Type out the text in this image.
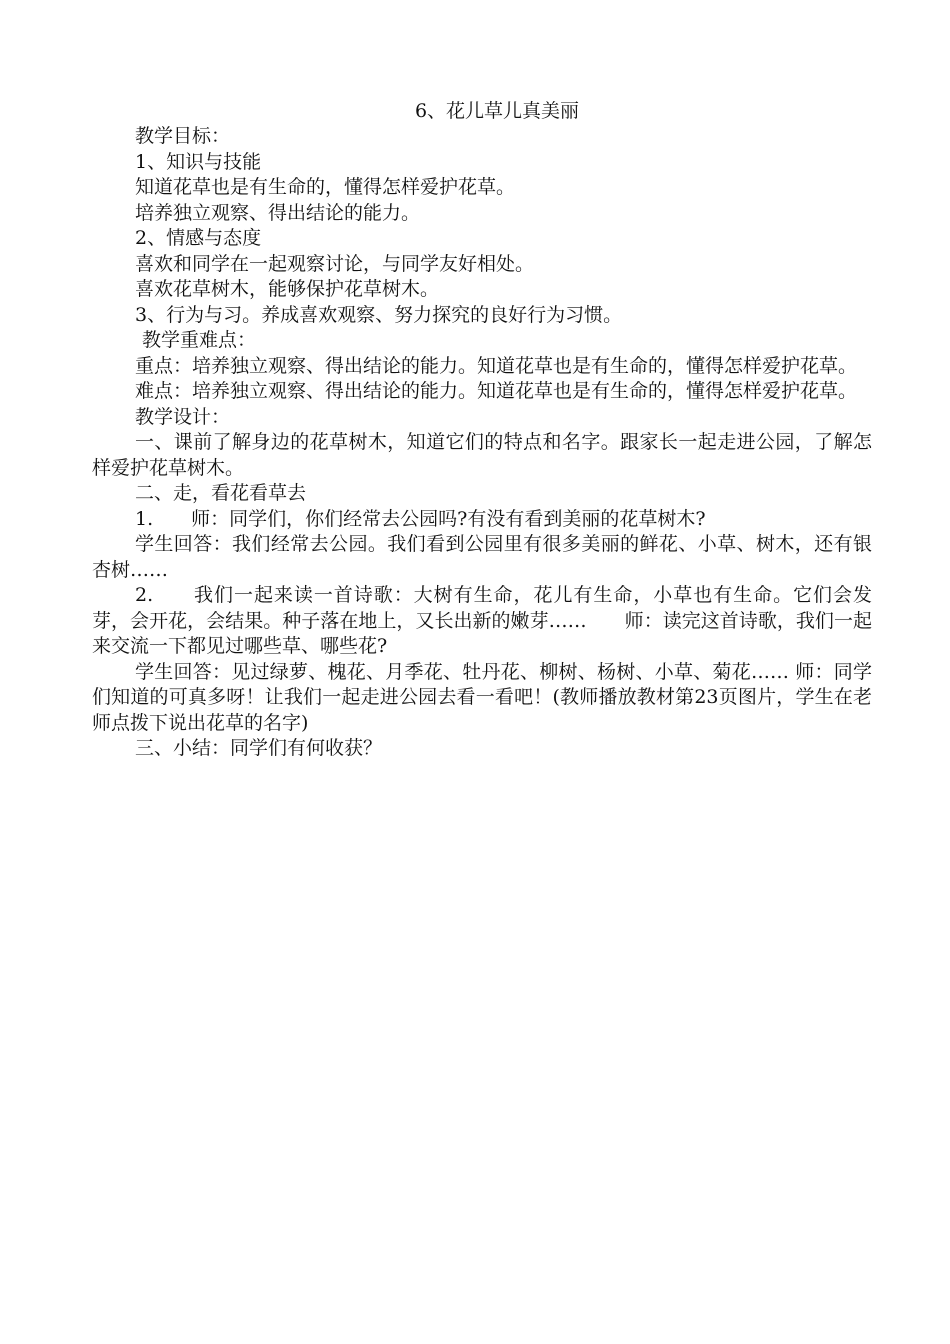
6、花儿草儿真美丽

教学目标：

1、知识与技能

知道花草也是有生命的，懂得怎样爱护花草。

培养独立观察、得出结论的能力。

2、情感与态度

喜欢和同学在一起观察讨论，与同学友好相处。

喜欢花草树木，能够保护花草树木。

3、行为与习。养成喜欢观察、努力探究的良好行为习惯。

教学重难点：

重点：培养独立观察、得出结论的能力。知道花草也是有生命的，懂得怎样爱护花草。

难点：培养独立观察、得出结论的能力。知道花草也是有生命的，懂得怎样爱护花草。

教学设计：

一、课前了解身边的花草树木，知道它们的特点和名字。跟家长一起走进公园，了解怎样爱护花草树木。

二、走，看花看草去

1.　　师：同学们，你们经常去公园吗?有没有看到美丽的花草树木?

学生回答：我们经常去公园。我们看到公园里有很多美丽的鲜花、小草、树木，还有银杏树……

2.　　我们一起来读一首诗歌：大树有生命，花儿有生命，小草也有生命。它们会发芽，会开花，会结果。种子落在地上，又长出新的嫩芽……　　师：读完这首诗歌，我们一起来交流一下都见过哪些草、哪些花?

学生回答：见过绿萝、槐花、月季花、牡丹花、柳树、杨树、小草、菊花…… 师：同学们知道的可真多呀！让我们一起走进公园去看一看吧！(教师播放教材第23页图片，学生在老师点拨下说出花草的名字)

三、小结：同学们有何收获？
